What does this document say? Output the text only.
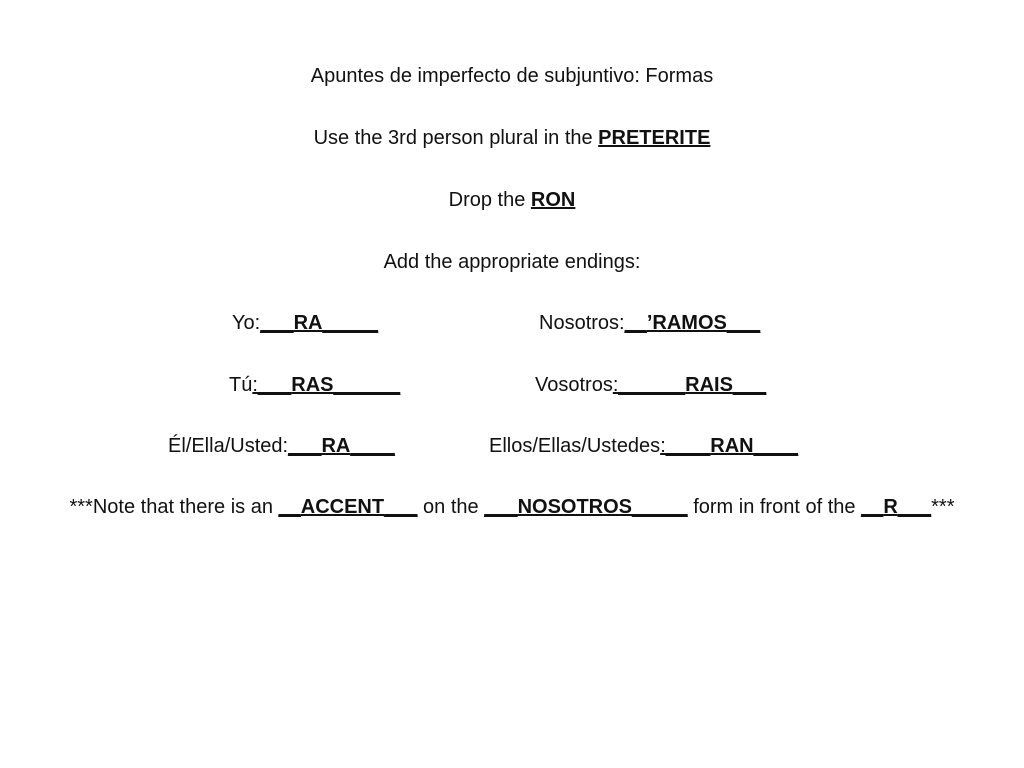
Apuntes de imperfecto de subjuntivo: Formas
Use the 3rd person plural in the PRETERITE
Drop the RON
Add the appropriate endings:
Yo:___RA_____	Nosotros:__’RAMOS___
Tú:___RAS______	Vosotros:______RAIS___
Él/Ella/Usted:___RA____	Ellos/Ellas/Ustedes:____RAN____
***Note that there is an __ACCENT___ on the ___NOSOTROS_____ form in front of the __R___***
